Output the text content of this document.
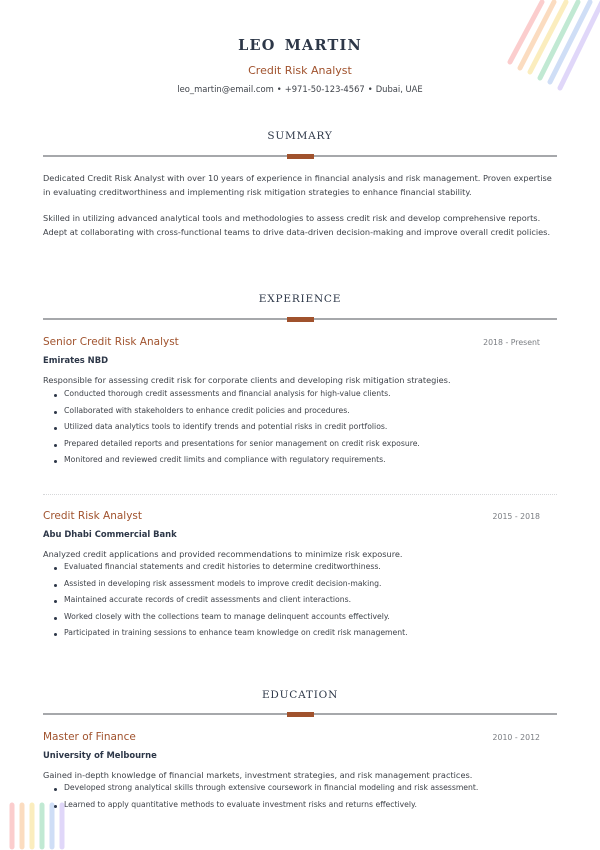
LEO MARTIN
Credit Risk Analyst
leo_martin@email.com • +971-50-123-4567 • Dubai, UAE
SUMMARY
Dedicated Credit Risk Analyst with over 10 years of experience in financial analysis and risk management. Proven expertise in evaluating creditworthiness and implementing risk mitigation strategies to enhance financial stability.
Skilled in utilizing advanced analytical tools and methodologies to assess credit risk and develop comprehensive reports. Adept at collaborating with cross-functional teams to drive data-driven decision-making and improve overall credit policies.
EXPERIENCE
Senior Credit Risk Analyst	2018 - Present
Emirates NBD
Responsible for assessing credit risk for corporate clients and developing risk mitigation strategies.
Conducted thorough credit assessments and financial analysis for high-value clients.
Collaborated with stakeholders to enhance credit policies and procedures.
Utilized data analytics tools to identify trends and potential risks in credit portfolios.
Prepared detailed reports and presentations for senior management on credit risk exposure.
Monitored and reviewed credit limits and compliance with regulatory requirements.
Credit Risk Analyst	2015 - 2018
Abu Dhabi Commercial Bank
Analyzed credit applications and provided recommendations to minimize risk exposure.
Evaluated financial statements and credit histories to determine creditworthiness.
Assisted in developing risk assessment models to improve credit decision-making.
Maintained accurate records of credit assessments and client interactions.
Worked closely with the collections team to manage delinquent accounts effectively.
Participated in training sessions to enhance team knowledge on credit risk management.
EDUCATION
Master of Finance	2010 - 2012
University of Melbourne
Gained in-depth knowledge of financial markets, investment strategies, and risk management practices.
Developed strong analytical skills through extensive coursework in financial modeling and risk assessment.
Learned to apply quantitative methods to evaluate investment risks and returns effectively.
